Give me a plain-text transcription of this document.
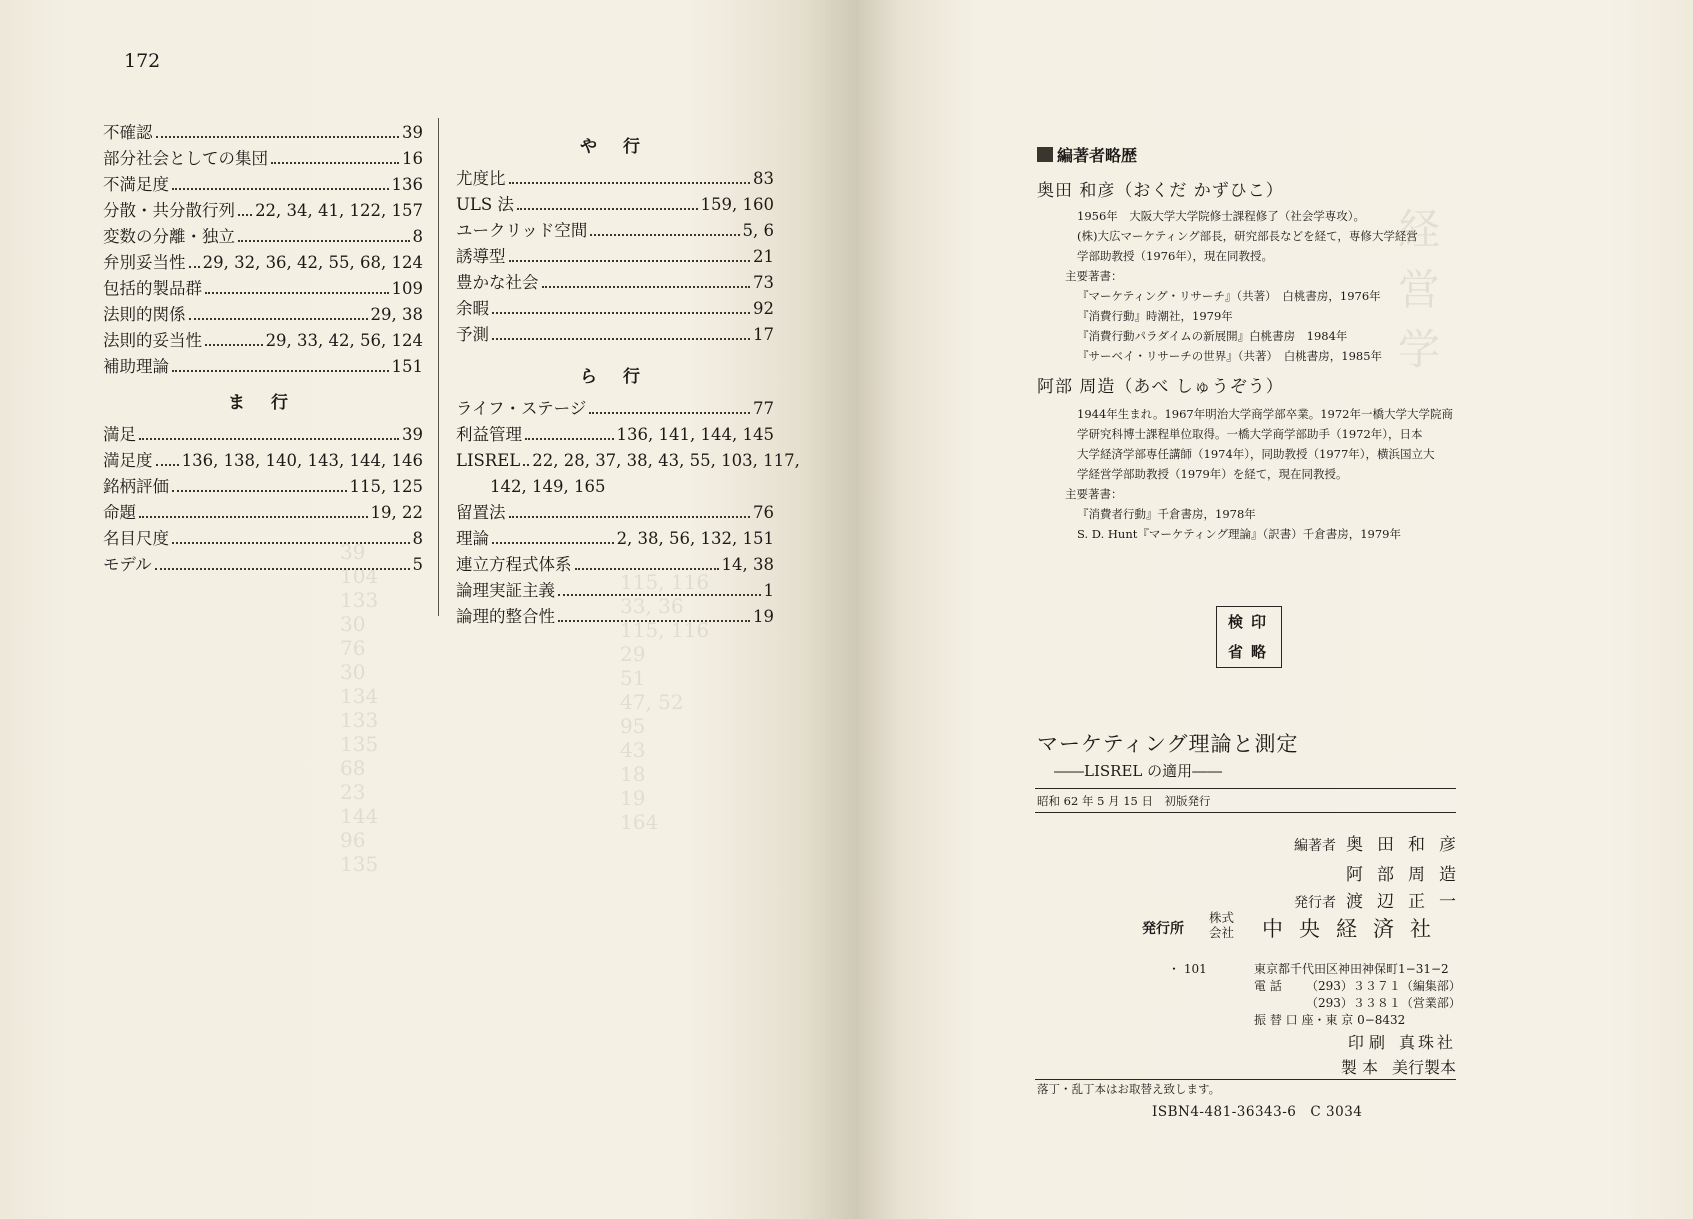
39
104
133
30
76
30
134
133
135
68
23
144
96
135
115, 116
33, 36
115, 116
29
51
47, 52
95
43
18
19
164
172
不確認	39
部分社会としての集団	16
不満足度	136
分散・共分散行列 22, 34, 41, 122, 157
変数の分離・独立	8
弁別妥当性 29, 32, 36, 42, 55, 68, 124
包括的製品群	109
法則的関係	29, 38
法則的妥当性	29, 33, 42, 56, 124
補助理論	151
ま 行
満足	39
満足度 136, 138, 140, 143, 144, 146
銘柄評価	115, 125
命題	19, 22
名目尺度	8
モデル	5
や 行
尤度比	83
ULS 法	159, 160
ユークリッド空間	5, 6
誘導型	21
豊かな社会	73
余暇	92
予測	17
ら 行
ライフ・ステージ	77
利益管理	136, 141, 144, 145
LISREL 22, 28, 37, 38, 43, 55, 103, 117,
142, 149, 165
留置法	76
理論	2, 38, 56, 132, 151
連立方程式体系	14, 38
論理実証主義	1
論理的整合性	19
経
営
学
編著者略歴
奥田 和彦（おくだ かずひこ）
1956年　大阪大学大学院修士課程修了（社会学専攻）。
(株)大広マーケティング部長，研究部長などを経て，専修大学経営
学部助教授（1976年），現在同教授。
主要著書：
『マーケティング・リサーチ』（共著）　白桃書房，1976年
『消費行動』時潮社，1979年
『消費行動パラダイムの新展開』白桃書房　1984年
『サーベイ・リサーチの世界』（共著）　白桃書房，1985年
阿部 周造（あべ しゅうぞう）
1944年生まれ。1967年明治大学商学部卒業。1972年一橋大学大学院商
学研究科博士課程単位取得。一橋大学商学部助手（1972年），日本
大学経済学部専任講師（1974年），同助教授（1977年），横浜国立大
学経営学部助教授（1979年）を経て，現在同教授。
主要著書：
『消費者行動』千倉書房，1978年
S. D. Hunt『マーケティング理論』（訳書）千倉書房，1979年
検印
省略
マーケティング理論と測定
――LISREL の適用――
昭和 62 年 5 月 15 日　初版発行
編著者 奥田和彦
阿部周造
発行者 渡辺正一
発行所
株式
会社 中央経済社
・ 101	東京都千代田区神田神保町1−31−2
電 話 （293）３３７１（編集部）
（293）３３８１（営業部）
振 替 口 座・東 京 0−8432
印 刷 真珠社
製 本 美行製本
落丁・乱丁本はお取替え致します。
ISBN4-481-36343-6　C 3034
